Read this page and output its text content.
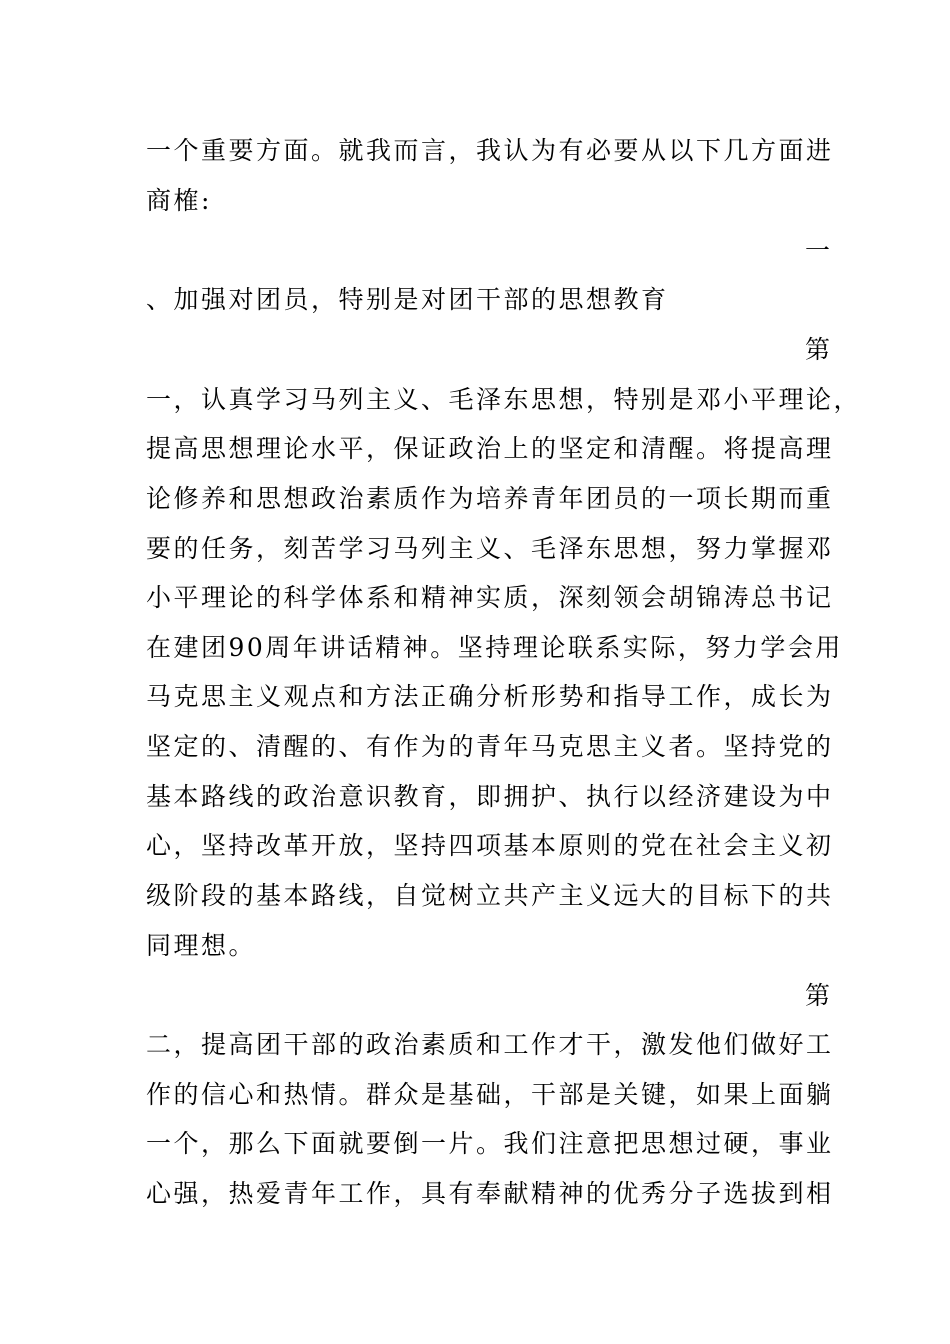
一个重要方面。就我而言，我认为有必要从以下几方面进
商榷:
一
、加强对团员，特别是对团干部的思想教育
第
一，认真学习马列主义、毛泽东思想，特别是邓小平理论，
提高思想理论水平，保证政治上的坚定和清醒。将提高理
论修养和思想政治素质作为培养青年团员的一项长期而重
要的任务，刻苦学习马列主义、毛泽东思想，努力掌握邓
小平理论的科学体系和精神实质，深刻领会胡锦涛总书记
在建团90周年讲话精神。坚持理论联系实际，努力学会用
马克思主义观点和方法正确分析形势和指导工作，成长为
坚定的、清醒的、有作为的青年马克思主义者。坚持党的
基本路线的政治意识教育，即拥护、执行以经济建设为中
心，坚持改革开放，坚持四项基本原则的党在社会主义初
级阶段的基本路线，自觉树立共产主义远大的目标下的共
同理想。
第
二，提高团干部的政治素质和工作才干，激发他们做好工
作的信心和热情。群众是基础，干部是关键，如果上面躺
一个，那么下面就要倒一片。我们注意把思想过硬，事业
心强，热爱青年工作，具有奉献精神的优秀分子选拔到相
